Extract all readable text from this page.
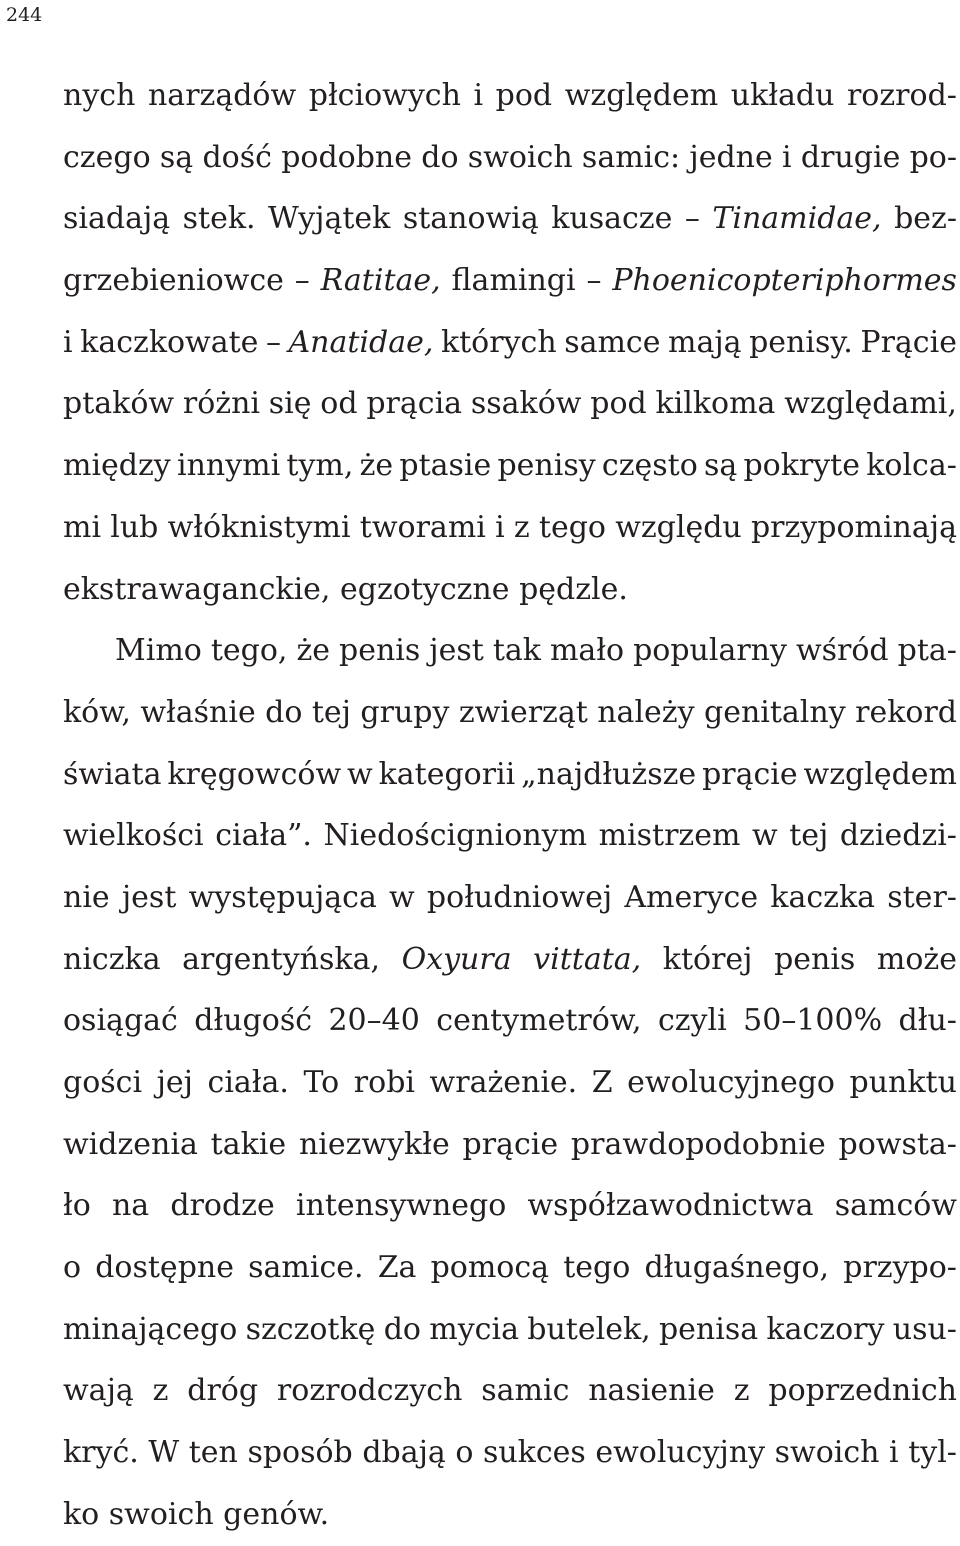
244
nych narządów płciowych i pod względem układu rozrod-
czego są dość podobne do swoich samic: jedne i drugie po-
siadają stek. Wyjątek stanowią kusacze – Tinamidae, bez-
grzebieniowce – Ratitae, flamingi – Phoenicopteriphormes
i kaczkowate – Anatidae, których samce mają penisy. Prącie
ptaków różni się od prącia ssaków pod kilkoma względami,
między innymi tym, że ptasie penisy często są pokryte kolca-
mi lub włóknistymi tworami i z tego względu przypominają
ekstrawaganckie, egzotyczne pędzle.
Mimo tego, że penis jest tak mało popularny wśród pta-
ków, właśnie do tej grupy zwierząt należy genitalny rekord
świata kręgowców w kategorii „najdłuższe prącie względem
wielkości ciała”. Niedoścignionym mistrzem w tej dziedzi-
nie jest występująca w południowej Ameryce kaczka ster-
niczka argentyńska, Oxyura vittata, której penis może
osiągać długość 20–40 centymetrów, czyli 50–100% dłu-
gości jej ciała. To robi wrażenie. Z ewolucyjnego punktu
widzenia takie niezwykłe prącie prawdopodobnie powsta-
ło na drodze intensywnego współzawodnictwa samców
o dostępne samice. Za pomocą tego długaśnego, przypo-
minającego szczotkę do mycia butelek, penisa kaczory usu-
wają z dróg rozrodczych samic nasienie z poprzednich
kryć. W ten sposób dbają o sukces ewolucyjny swoich i tyl-
ko swoich genów.
